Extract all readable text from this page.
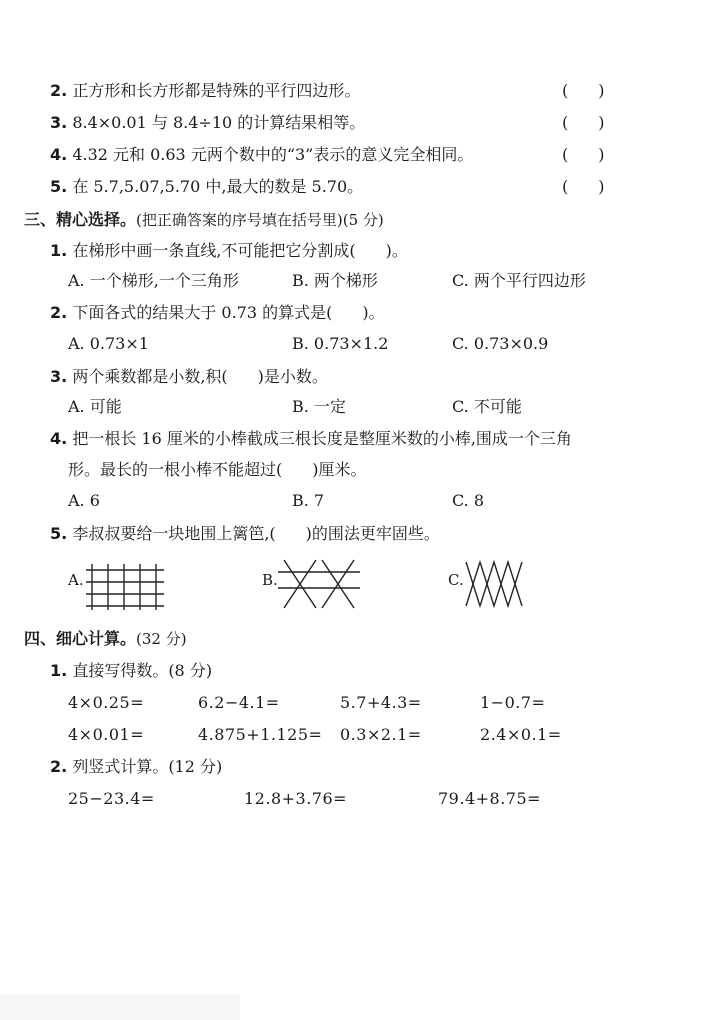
2. 正方形和长方形都是特殊的平行四边形。	( )
3. 8.4×0.01 与 8.4÷10 的计算结果相等。	( )
4. 4.32 元和 0.63 元两个数中的“3”表示的意义完全相同。	( )
5. 在 5.7,5.07,5.70 中,最大的数是 5.70。	( )
三、精心选择。(把正确答案的序号填在括号里)(5 分)
1. 在梯形中画一条直线,不可能把它分割成( )。
A. 一个梯形,一个三角形	B. 两个梯形	C. 两个平行四边形
2. 下面各式的结果大于 0.73 的算式是( )。
A. 0.73×1	B. 0.73×1.2	C. 0.73×0.9
3. 两个乘数都是小数,积( )是小数。
A. 可能	B. 一定	C. 不可能
4. 把一根长 16 厘米的小棒截成三根长度是整厘米数的小棒,围成一个三角
形。最长的一根小棒不能超过( )厘米。
A. 6	B. 7	C. 8
5. 李叔叔要给一块地围上篱笆,( )的围法更牢固些。
A.	B.	C.
四、细心计算。(32 分)
1. 直接写得数。(8 分)
4×0.25=	6.2−4.1=	5.7+4.3=	1−0.7=
4×0.01=	4.875+1.125= 0.3×2.1=	2.4×0.1=
2. 列竖式计算。(12 分)
25−23.4=	12.8+3.76=	79.4+8.75=
